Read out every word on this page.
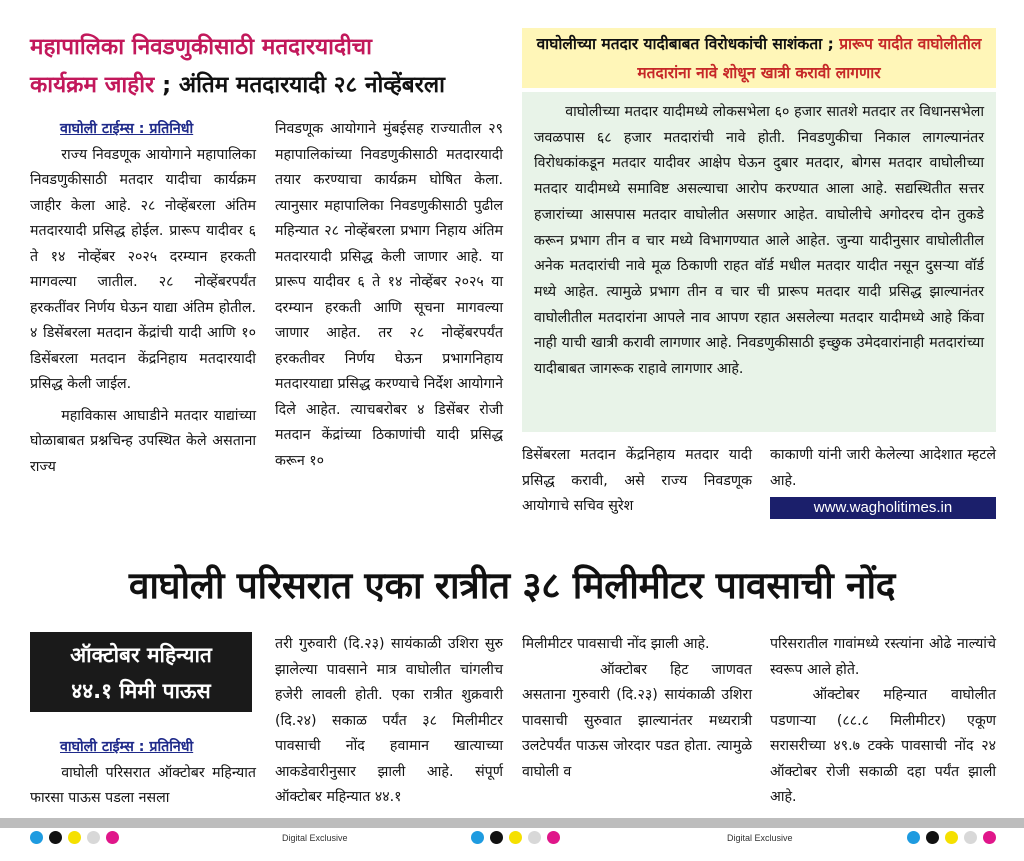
महापालिका निवडणुकीसाठी मतदारयादीचा
कार्यक्रम जाहीर ; अंतिम मतदारयादी २८ नोव्हेंबरला

वाघोली टाईम्स : प्रतिनिधी

राज्य निवडणूक आयोगाने महापालिका निवडणुकीसाठी मतदार यादीचा कार्यक्रम जाहीर केला आहे. २८ नोव्हेंबरला अंतिम मतदारयादी प्रसिद्ध होईल. प्रारूप यादीवर ६ ते १४ नोव्हेंबर २०२५ दरम्यान हरकती मागवल्या जातील. २८ नोव्हेंबरपर्यंत हरकतींवर निर्णय घेऊन याद्या अंतिम होतील. ४ डिसेंबरला मतदान केंद्रांची यादी आणि १० डिसेंबरला मतदान केंद्रनिहाय मतदारयादी प्रसिद्ध केली जाईल.

महाविकास आघाडीने मतदार याद्यांच्या घोळाबाबत प्रश्नचिन्ह उपस्थित केले असताना राज्य

निवडणूक आयोगाने मुंबईसह राज्यातील २९ महापालिकांच्या निवडणुकीसाठी मतदारयादी तयार करण्याचा कार्यक्रम घोषित केला. त्यानुसार महापालिका निवडणुकीसाठी पुढील महिन्यात २८ नोव्हेंबरला प्रभाग निहाय अंतिम मतदारयादी प्रसिद्ध केली जाणार आहे. या प्रारूप यादीवर ६ ते १४ नोव्हेंबर २०२५ या दरम्यान हरकती आणि सूचना मागवल्या जाणार आहेत. तर २८ नोव्हेंबरपर्यंत हरकतीवर निर्णय घेऊन प्रभागनिहाय मतदारयाद्या प्रसिद्ध करण्याचे निर्देश आयोगाने दिले आहेत. त्याचबरोबर ४ डिसेंबर रोजी मतदान केंद्रांच्या ठिकाणांची यादी प्रसिद्ध करून १०	डिसेंबरला मतदान केंद्रनिहाय मतदार यादी प्रसिद्ध करावी, असे राज्य निवडणूक आयोगाचे सचिव सुरेश

काकाणी यांनी जारी केलेल्या आदेशात म्हटले आहे.

www.wagholitimes.in
वाघोलीच्या मतदार यादीबाबत विरोधकांची साशंकता ; प्रारूप यादीत वाघोलीतील मतदारांना नावे शोधून खात्री करावी लागणार

वाघोलीच्या मतदार यादीमध्ये लोकसभेला ६० हजार सातशे मतदार तर विधानसभेला जवळपास ६८ हजार मतदारांची नावे होती. निवडणुकीचा निकाल लागल्यानंतर विरोधकांकडून मतदार यादीवर आक्षेप घेऊन दुबार मतदार, बोगस मतदार वाघोलीच्या मतदार यादीमध्ये समाविष्ट असल्याचा आरोप करण्यात आला आहे. सद्यस्थितीत सत्तर हजारांच्या आसपास मतदार वाघोलीत असणार आहेत. वाघोलीचे अगोदरच दोन तुकडे करून प्रभाग तीन व चार मध्ये विभागण्यात आले आहेत. जुन्या यादीनुसार वाघोलीतील अनेक मतदारांची नावे मूळ ठिकाणी राहत वॉर्ड मधील मतदार यादीत नसून दुसऱ्या वॉर्ड मध्ये आहेत. त्यामुळे प्रभाग तीन व चार ची प्रारूप मतदार यादी प्रसिद्ध झाल्यानंतर वाघोलीतील मतदारांना आपले नाव आपण रहात असलेल्या मतदार यादीमध्ये आहे किंवा नाही याची खात्री करावी लागणार आहे. निवडणुकीसाठी इच्छुक उमेदवारांनाही मतदारांच्या यादीबाबत जागरूक राहावे लागणार आहे.

वाघोली परिसरात एका रात्रीत ३८ मिलीमीटर पावसाची नोंद
ऑक्टोबर महिन्यात
४४.१ मिमी पाऊस

वाघोली टाईम्स : प्रतिनिधी

वाघोली परिसरात ऑक्टोबर महिन्यात फारसा पाऊस पडला नसला

तरी गुरुवारी (दि.२३) सायंकाळी उशिरा सुरु झालेल्या पावसाने मात्र वाघोलीत चांगलीच हजेरी लावली होती. एका रात्रीत शुक्रवारी (दि.२४) सकाळ पर्यंत ३८ मिलीमीटर पावसाची नोंद हवामान खात्याच्या आकडेवारीनुसार झाली आहे. संपूर्ण ऑक्टोबर महिन्यात ४४.१

मिलीमीटर पावसाची नोंद झाली आहे.

ऑक्टोबर हिट जाणवत असताना गुरुवारी (दि.२३) सायंकाळी उशिरा पावसाची सुरुवात झाल्यानंतर मध्यरात्री उलटेपर्यंत पाऊस जोरदार पडत होता. त्यामुळे वाघोली व

परिसरातील गावांमध्ये रस्त्यांना ओढे नाल्यांचे स्वरूप आले होते.

ऑक्टोबर महिन्यात वाघोलीत पडणाऱ्या (८८.८ मिलीमीटर) एकूण सरासरीच्या ४९.७ टक्के पावसाची नोंद २४ ऑक्टोबर रोजी सकाळी दहा पर्यंत झाली आहे.

Digital Exclusive	Digital Exclusive
